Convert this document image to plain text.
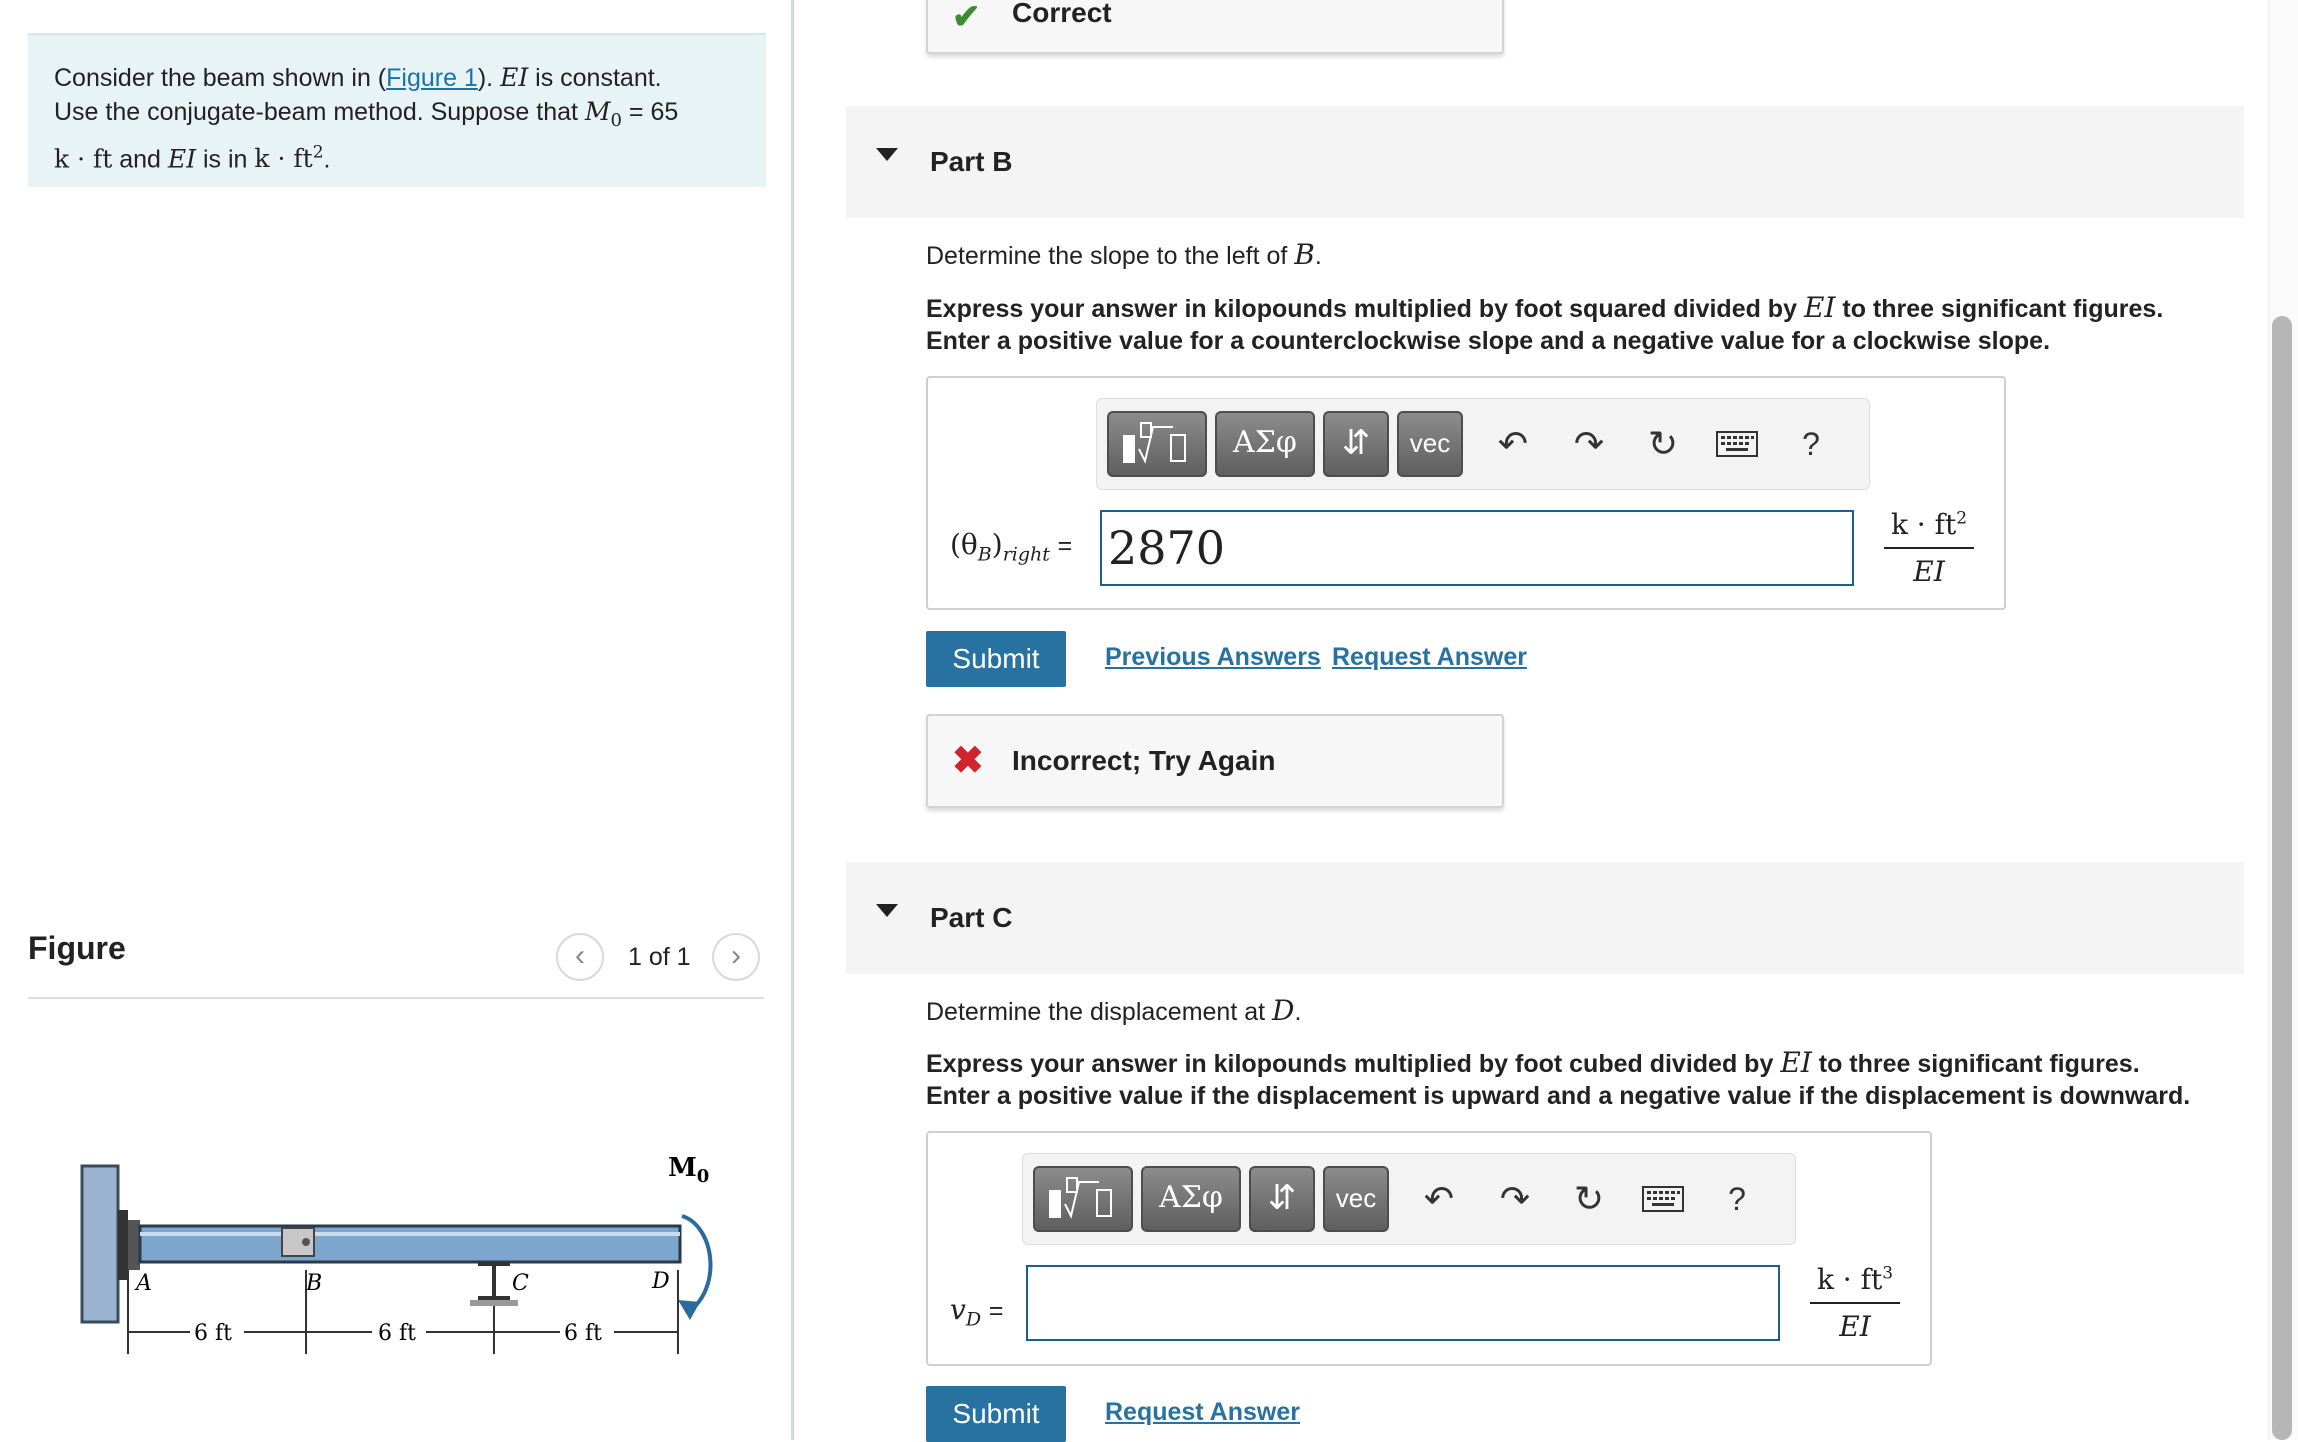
Consider the beam shown in (Figure 1). EI is constant.
Use the conjugate-beam method. Suppose that $M_0 = 65$
k · ft and EI is in $k \cdot ft^2$.
Figure	‹	1 of 1	›
$M_0$
A	B	C	D
6 ft	6 ft	6 ft
✔ Correct
Part B
Determine the slope to the left of B.
Express your answer in kilopounds multiplied by foot squared divided by EI to three significant figures.
Enter a positive value for a counterclockwise slope and a negative value for a clockwise slope.
ΑΣφ	⇵	vec	↶ ↷ ↻	?
$(\theta_B)_{right} = 2870$	$\frac{k \cdot ft^2}{EI}$
Submit	Previous Answers Request Answer
✖ Incorrect; Try Again
Part C
Determine the displacement at D.
Express your answer in kilopounds multiplied by foot cubed divided by EI to three significant figures.
Enter a positive value if the displacement is upward and a negative value if the displacement is downward.
ΑΣφ	⇵	vec	↶ ↷ ↻	?
$v_D$ =	$\frac{k \cdot ft^3}{EI}$
Submit	Request Answer
